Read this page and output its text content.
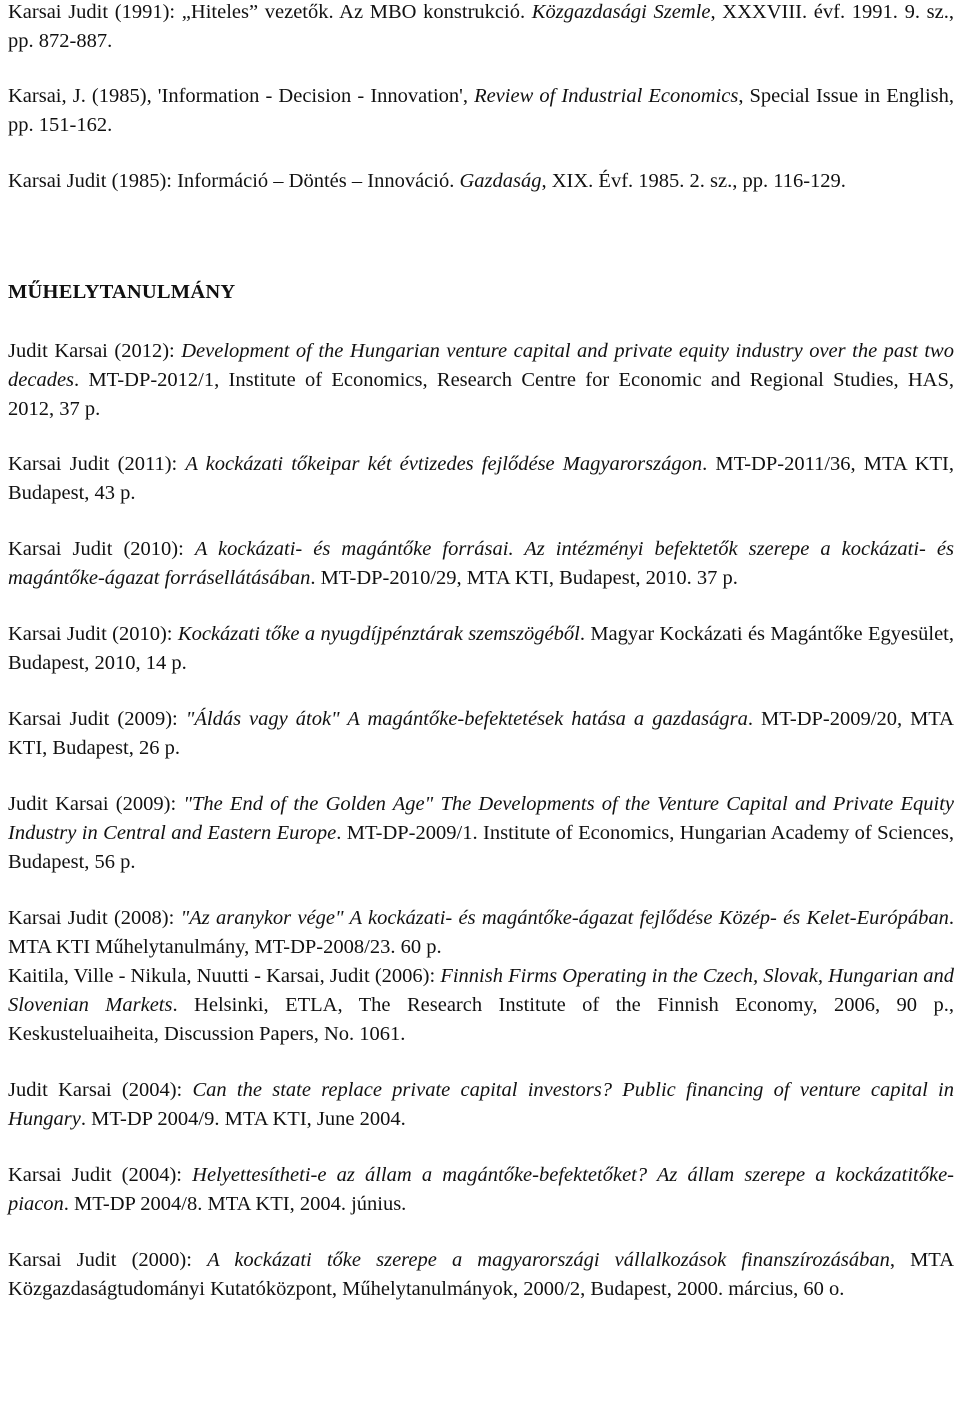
Karsai Judit (1991): „Hiteles” vezetők. Az MBO konstrukció. Közgazdasági Szemle, XXXVIII. évf. 1991. 9. sz., pp. 872-887.

Karsai, J. (1985), 'Information - Decision - Innovation', Review of Industrial Economics, Special Issue in English, pp. 151-162.

Karsai Judit (1985): Információ ‒ Döntés ‒ Innováció. Gazdaság, XIX. Évf. 1985. 2. sz., pp. 116-129.

MŰHELYTANULMÁNY

Judit Karsai (2012): Development of the Hungarian venture capital and private equity industry over the past two decades. MT-DP-2012/1, Institute of Economics, Research Centre for Economic and Regional Studies, HAS, 2012, 37 p.

Karsai Judit (2011): A kockázati tőkeipar két évtizedes fejlődése Magyarországon. MT-DP-2011/36, MTA KTI, Budapest, 43 p.

Karsai Judit (2010): A kockázati- és magántőke forrásai. Az intézményi befektetők szerepe a kockázati- és magántőke-ágazat forrásellátásában. MT-DP-2010/29, MTA KTI, Budapest, 2010. 37 p.

Karsai Judit (2010): Kockázati tőke a nyugdíjpénztárak szemszögéből. Magyar Kockázati és Magántőke Egyesület, Budapest, 2010, 14 p.

Karsai Judit (2009): "Áldás vagy átok" A magántőke-befektetések hatása a gazdaságra. MT-DP-2009/20, MTA KTI, Budapest, 26 p.

Judit Karsai (2009): "The End of the Golden Age" The Developments of the Venture Capital and Private Equity Industry in Central and Eastern Europe. MT-DP-2009/1. Institute of Economics, Hungarian Academy of Sciences, Budapest, 56 p.

Karsai Judit (2008): "Az aranykor vége" A kockázati- és magántőke-ágazat fejlődése Közép- és Kelet-Európában. MTA KTI Műhelytanulmány, MT-DP-2008/23. 60 p.

Kaitila, Ville - Nikula, Nuutti - Karsai, Judit (2006): Finnish Firms Operating in the Czech, Slovak, Hungarian and Slovenian Markets. Helsinki, ETLA, The Research Institute of the Finnish Economy, 2006, 90 p., Keskusteluaiheita, Discussion Papers, No. 1061.

Judit Karsai (2004): Can the state replace private capital investors? Public financing of venture capital in Hungary. MT-DP 2004/9. MTA KTI, June 2004.

Karsai Judit (2004): Helyettesítheti-e az állam a magántőke-befektetőket? Az állam szerepe a kockázatitőke-piacon. MT-DP 2004/8. MTA KTI, 2004. június.

Karsai Judit (2000): A kockázati tőke szerepe a magyarországi vállalkozások finanszírozásában, MTA Közgazdaságtudományi Kutatóközpont, Műhelytanulmányok, 2000/2, Budapest, 2000. március, 60 o.
